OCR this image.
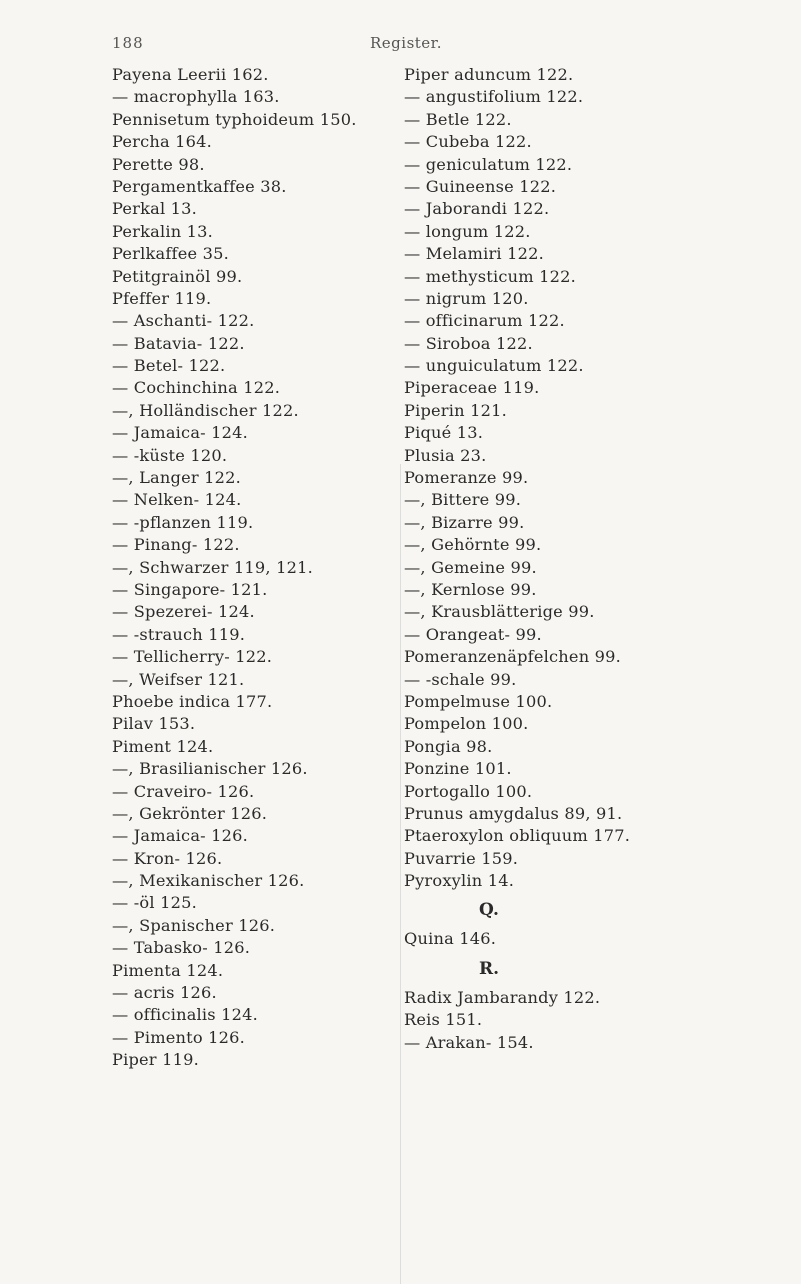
188	Register.
Payena Leerii 162.
— macrophylla 163.
Pennisetum typhoideum 150.
Percha 164.
Perette 98.
Pergamentkaffee 38.
Perkal 13.
Perkalin 13.
Perlkaffee 35.
Petitgrainöl 99.
Pfeffer 119.
— Aschanti- 122.
— Batavia- 122.
— Betel- 122.
— Cochinchina 122.
—, Holländischer 122.
— Jamaica- 124.
— -küste 120.
—, Langer 122.
— Nelken- 124.
— -pflanzen 119.
— Pinang- 122.
—, Schwarzer 119, 121.
— Singapore- 121.
— Spezerei- 124.
— -strauch 119.
— Tellicherry- 122.
—, Weifser 121.
Phoebe indica 177.
Pilav 153.
Piment 124.
—, Brasilianischer 126.
— Craveiro- 126.
—, Gekrönter 126.
— Jamaica- 126.
— Kron- 126.
—, Mexikanischer 126.
— -öl 125.
—, Spanischer 126.
— Tabasko- 126.
Pimenta 124.
— acris 126.
— officinalis 124.
— Pimento 126.
Piper 119.
Piper aduncum 122.
— angustifolium 122.
— Betle 122.
— Cubeba 122.
— geniculatum 122.
— Guineense 122.
— Jaborandi 122.
— longum 122.
— Melamiri 122.
— methysticum 122.
— nigrum 120.
— officinarum 122.
— Siroboa 122.
— unguiculatum 122.
Piperaceae 119.
Piperin 121.
Piqué 13.
Plusia 23.
Pomeranze 99.
—, Bittere 99.
—, Bizarre 99.
—, Gehörnte 99.
—, Gemeine 99.
—, Kernlose 99.
—, Krausblätterige 99.
— Orangeat- 99.
Pomeranzenäpfelchen 99.
— -schale 99.
Pompelmuse 100.
Pompelon 100.
Pongia 98.
Ponzine 101.
Portogallo 100.
Prunus amygdalus 89, 91.
Ptaeroxylon obliquum 177.
Puvarrie 159.
Pyroxylin 14.
Q.
Quina 146.
R.
Radix Jambarandy 122.
Reis 151.
— Arakan- 154.
